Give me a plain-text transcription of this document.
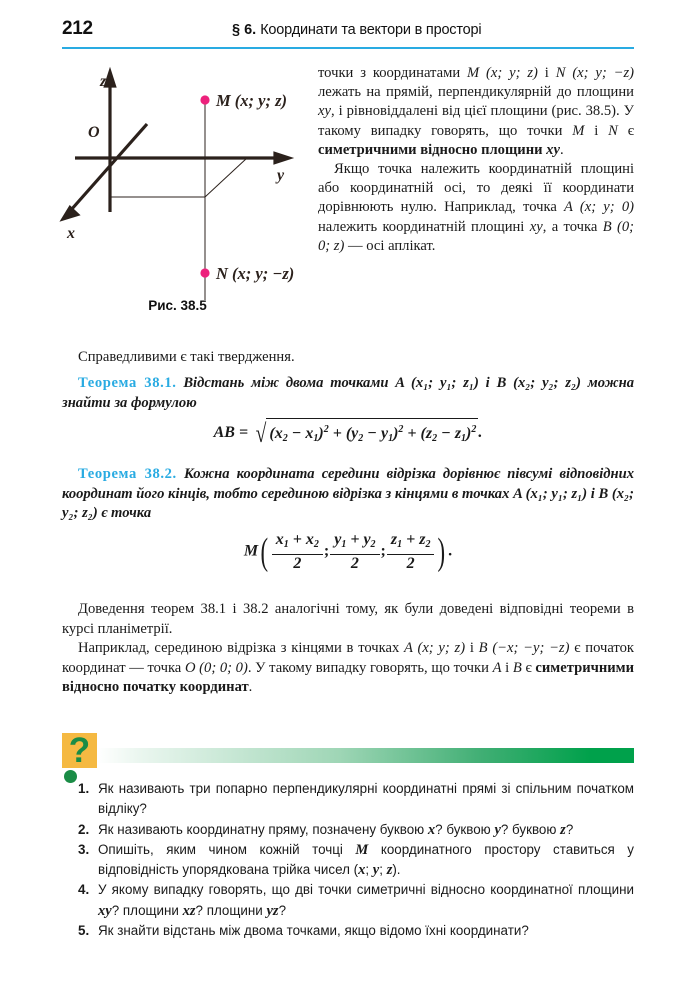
212	§ 6. Координати та вектори в просторі
z
y
x
O
M (x; y; z)
N (x; y; −z)
Рис. 38.5

точки з координатами M (x; y; z) і N (x; y; −z) лежать на прямій, перпендикулярній до площини xy, і рівновіддалені від цієї площини (рис. 38.5). У такому випадку говорять, що точки M і N є симетричними відносно площини xy.

Якщо точка належить координатній площині або координатній осі, то деякі її координати дорівнюють нулю. Наприклад, точка A (x; y; 0) належить координатній площині xy, а точка B (0; 0; z) — осі аплікат.

Справедливими є такі твердження.

Теорема 38.1. Відстань між двома точками A (x₁; y₁; z₁) і B (x₂; y₂; z₂) можна знайти за формулою

AB = √ $(x_2 - x_1)^2 + (y_2 - y_1)^2 + (z_2 - z_1)^2$ .

Теорема 38.2. Кожна координата середини відрізка дорівнює півсумі відповідних координат його кінців, тобто серединою відрізка з кінцями в точках A (x₁; y₁; z₁) і B (x₂; y₂; z₂) є точка

$M( \frac{x_1 + x_2}{2}$ ; $\frac{y_1 + y_2}{2}$ ; $\frac{z_1 + z_2}{2}$ ) .

Доведення теорем 38.1 і 38.2 аналогічні тому, як були доведені відповідні теореми в курсі планіметрії.

Наприклад, серединою відрізка з кінцями в точках A (x; y; z) і B (−x; −y; −z) є початок координат — точка O (0; 0; 0). У такому випадку говорять, що точки A і B є симетричними відносно початку координат.

?
1. Як називають три попарно перпендикулярні координатні прямі зі спільним початком відліку?
2. Як називають координатну пряму, позначену буквою x? буквою y? буквою z?
3. Опишіть, яким чином кожній точці M координатного простору ставиться у відповідність упорядкована трійка чисел (x; y; z).
4. У якому випадку говорять, що дві точки симетричні відносно координатної площини xy? площини xz? площини yz?
5. Як знайти відстань між двома точками, якщо відомо їхні координати?
